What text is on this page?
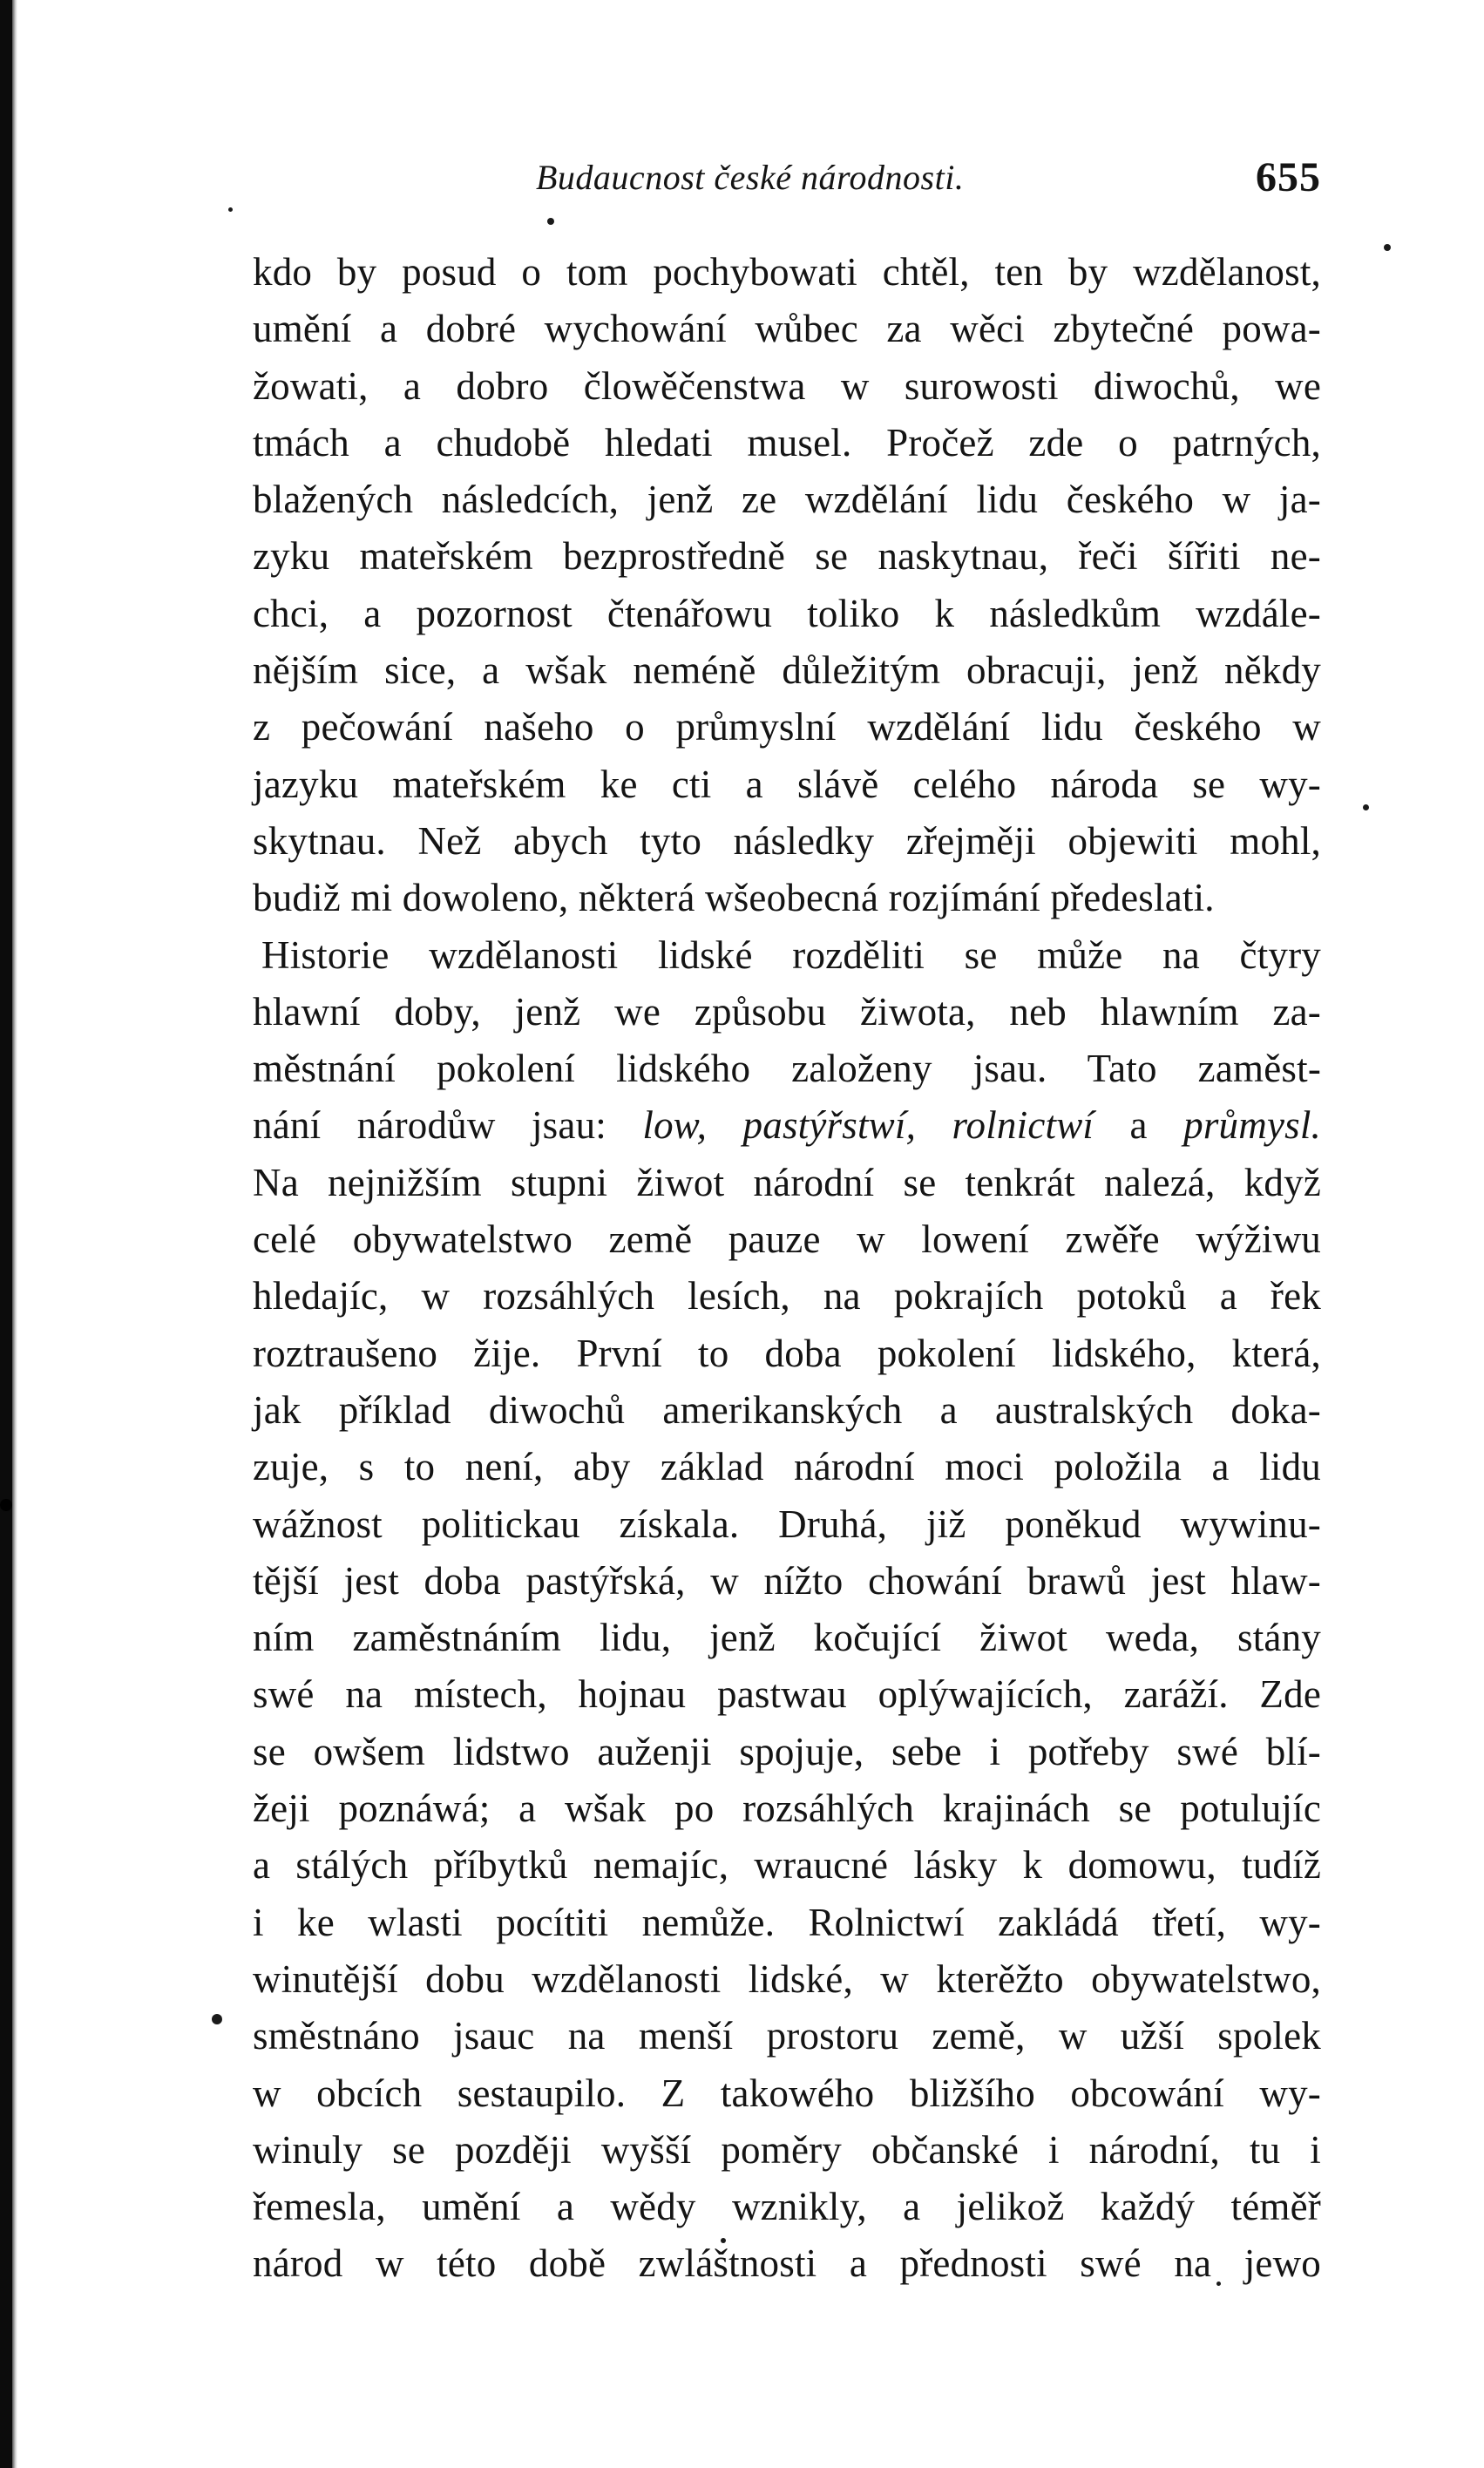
Budaucnost české národnosti.	655
kdo by posud o tom pochybowati chtěl, ten by wzdělanost,
umění a dobré wychowání wůbec za wěci zbytečné powa-
žowati, a dobro člowěčenstwa w surowosti diwochů, we
tmách a chudobě hledati musel. Pročež zde o patrných,
blažených následcích, jenž ze wzdělání lidu českého w ja-
zyku mateřském bezprostředně se naskytnau, řeči šířiti ne-
chci, a pozornost čtenářowu toliko k následkům wzdále-
nějším sice, a wšak neméně důležitým obracuji, jenž někdy
z pečowání našeho o průmyslní wzdělání lidu českého w
jazyku mateřském ke cti a slávě celého národa se wy-
skytnau. Než abych tyto následky zřejměji objewiti mohl,
budiž mi dowoleno, některá wšeobecná rozjímání předeslati.
Historie wzdělanosti lidské rozděliti se může na čtyry
hlawní doby, jenž we způsobu žiwota, neb hlawním za-
městnání pokolení lidského založeny jsau. Tato zaměst-
nání národůw jsau: low, pastýřstwí, rolnictwí a průmysl.
Na nejnižším stupni žiwot národní se tenkrát nalezá, když
celé obywatelstwo země pauze w lowení zwěře wýžiwu
hledajíc, w rozsáhlých lesích, na pokrajích potoků a řek
roztraušeno žije. První to doba pokolení lidského, která,
jak příklad diwochů amerikanských a australských doka-
zuje, s to není, aby základ národní moci položila a lidu
wážnost politickau získala. Druhá, již poněkud wywinu-
tější jest doba pastýřská, w nížto chowání brawů jest hlaw-
ním zaměstnáním lidu, jenž kočující žiwot weda, stány
swé na místech, hojnau pastwau oplýwajících, zaráží. Zde
se owšem lidstwo auženji spojuje, sebe i potřeby swé blí-
žeji poznáwá; a wšak po rozsáhlých krajinách se potulujíc
a stálých příbytků nemajíc, wraucné lásky k domowu, tudíž
i ke wlasti pocítiti nemůže. Rolnictwí zakládá třetí, wy-
winutější dobu wzdělanosti lidské, w kterěžto obywatelstwo,
směstnáno jsauc na menší prostoru země, w užší spolek
w obcích sestaupilo. Z takowého bližšího obcowání wy-
winuly se později wyšší poměry občanské i národní, tu i
řemesla, umění a wědy wznikly, a jelikož každý téměř
národ w této době zwláštnosti a přednosti swé na jewo
